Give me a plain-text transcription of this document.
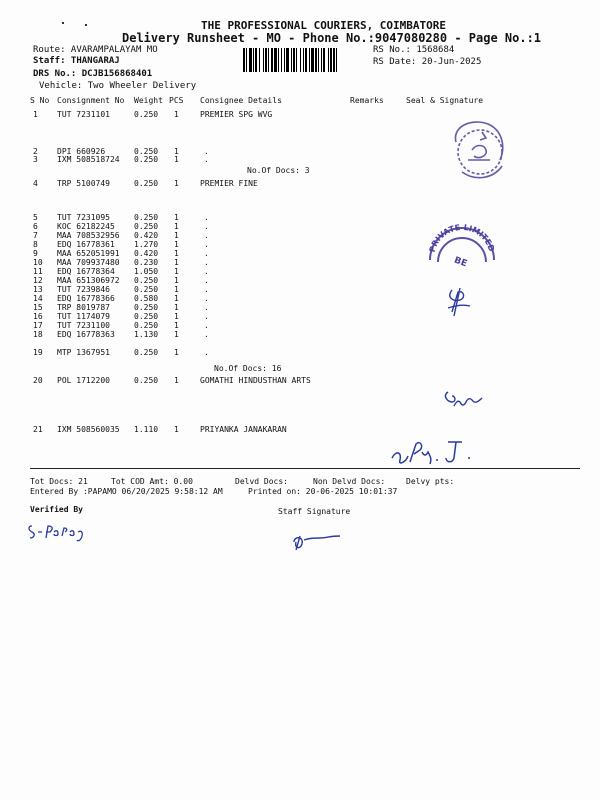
THE PROFESSIONAL COURIERS, COIMBATORE
Delivery Runsheet - MO - Phone No.:9047080280 - Page No.:1
Route: AVARAMPALAYAM MO
Staff: THANGARAJ
DRS No.: DCJB156868401
Vehicle: Two Wheeler Delivery
RS No.: 1568684
RS Date: 20-Jun-2025
S No Consignment No Weight PCS Consignee Details	Remarks	Seal & Signature
1 TUT 7231101	0.250 1	PREMIER SPG WVG
2 DPI 660926	0.250 1	.
3 IXM 508518724 0.250 1	.
4 TRP 5100749	0.250 1	PREMIER FINE
5 TUT 7231095	0.250 1	.
6 KOC 62182245 0.250 1	.
7 MAA 708532956 0.420 1	.
8 EDQ 16778361 1.270 1	.
9 MAA 652051991 0.420 1	.
10 MAA 709937480 0.230 1	.
11 EDQ 16778364 1.050 1	.
12 MAA 651306972 0.250 1	.
13 TUT 7239846	0.250 1	.
14 EDQ 16778366 0.580 1	.
15 TRP 8019787	0.250 1	.
16 TUT 1174079	0.250 1	.
17 TUT 7231100	0.250 1	.
18 EDQ 16778363 1.130 1	.
19 MTP 1367951	0.250 1	.
20 POL 1712200	0.250 1	GOMATHI HINDUSTHAN ARTS
21 IXM 508560035 1.110 1	PRIYANKA JANAKARAN
No.Of Docs: 3
No.Of Docs: 16
Tot Docs: 21	Tot COD Amt: 0.00	Delvd Docs:	Non Delvd Docs:	Delvy pts:
Entered By :PAPAMO 06/20/2025 9:58:12 AM	Printed on: 20-06-2025 10:01:37
Verified By	Staff Signature
PRIVATE LIMITED
BE
